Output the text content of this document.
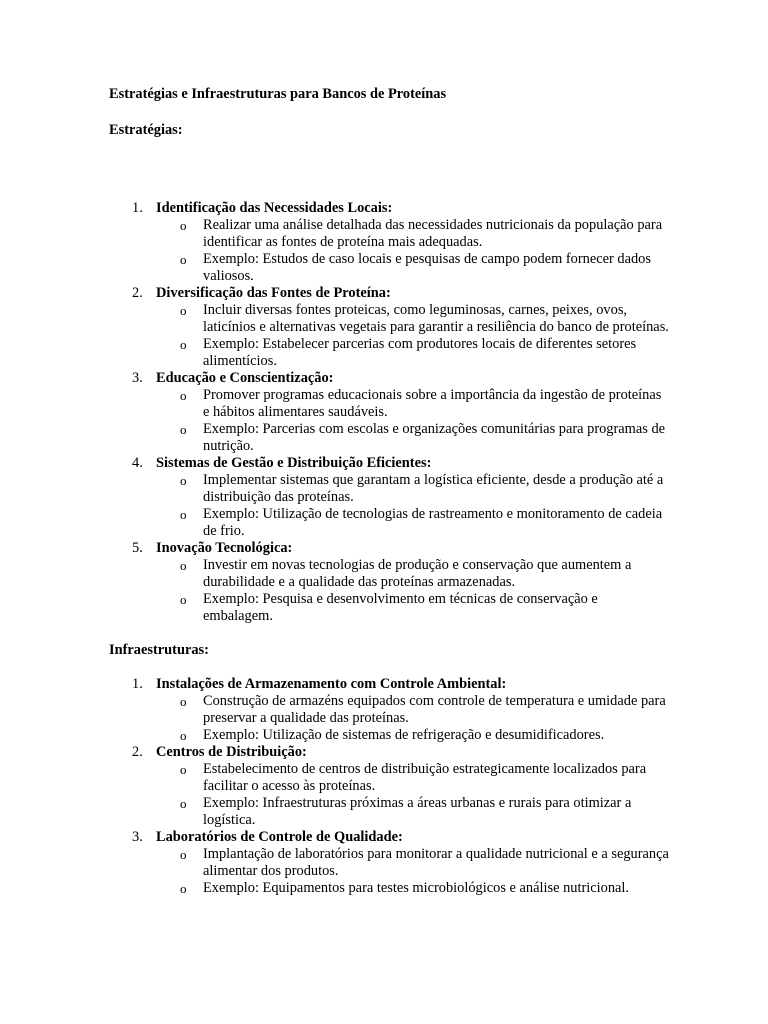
Estratégias e Infraestruturas para Bancos de Proteínas

Estratégias:

1. Identificação das Necessidades Locais:
o Realizar uma análise detalhada das necessidades nutricionais da população para identificar as fontes de proteína mais adequadas.
o Exemplo: Estudos de caso locais e pesquisas de campo podem fornecer dados valiosos.
2. Diversificação das Fontes de Proteína:
o Incluir diversas fontes proteicas, como leguminosas, carnes, peixes, ovos, laticínios e alternativas vegetais para garantir a resiliência do banco de proteínas.
o Exemplo: Estabelecer parcerias com produtores locais de diferentes setores alimentícios.
3. Educação e Conscientização:
o Promover programas educacionais sobre a importância da ingestão de proteínas e hábitos alimentares saudáveis.
o Exemplo: Parcerias com escolas e organizações comunitárias para programas de nutrição.
4. Sistemas de Gestão e Distribuição Eficientes:
o Implementar sistemas que garantam a logística eficiente, desde a produção até a distribuição das proteínas.
o Exemplo: Utilização de tecnologias de rastreamento e monitoramento de cadeia de frio.
5. Inovação Tecnológica:
o Investir em novas tecnologias de produção e conservação que aumentem a durabilidade e a qualidade das proteínas armazenadas.
o Exemplo: Pesquisa e desenvolvimento em técnicas de conservação e embalagem.

Infraestruturas:

1. Instalações de Armazenamento com Controle Ambiental:
o Construção de armazéns equipados com controle de temperatura e umidade para preservar a qualidade das proteínas.
o Exemplo: Utilização de sistemas de refrigeração e desumidificadores.
2. Centros de Distribuição:
o Estabelecimento de centros de distribuição estrategicamente localizados para facilitar o acesso às proteínas.
o Exemplo: Infraestruturas próximas a áreas urbanas e rurais para otimizar a logística.
3. Laboratórios de Controle de Qualidade:
o Implantação de laboratórios para monitorar a qualidade nutricional e a segurança alimentar dos produtos.
o Exemplo: Equipamentos para testes microbiológicos e análise nutricional.
